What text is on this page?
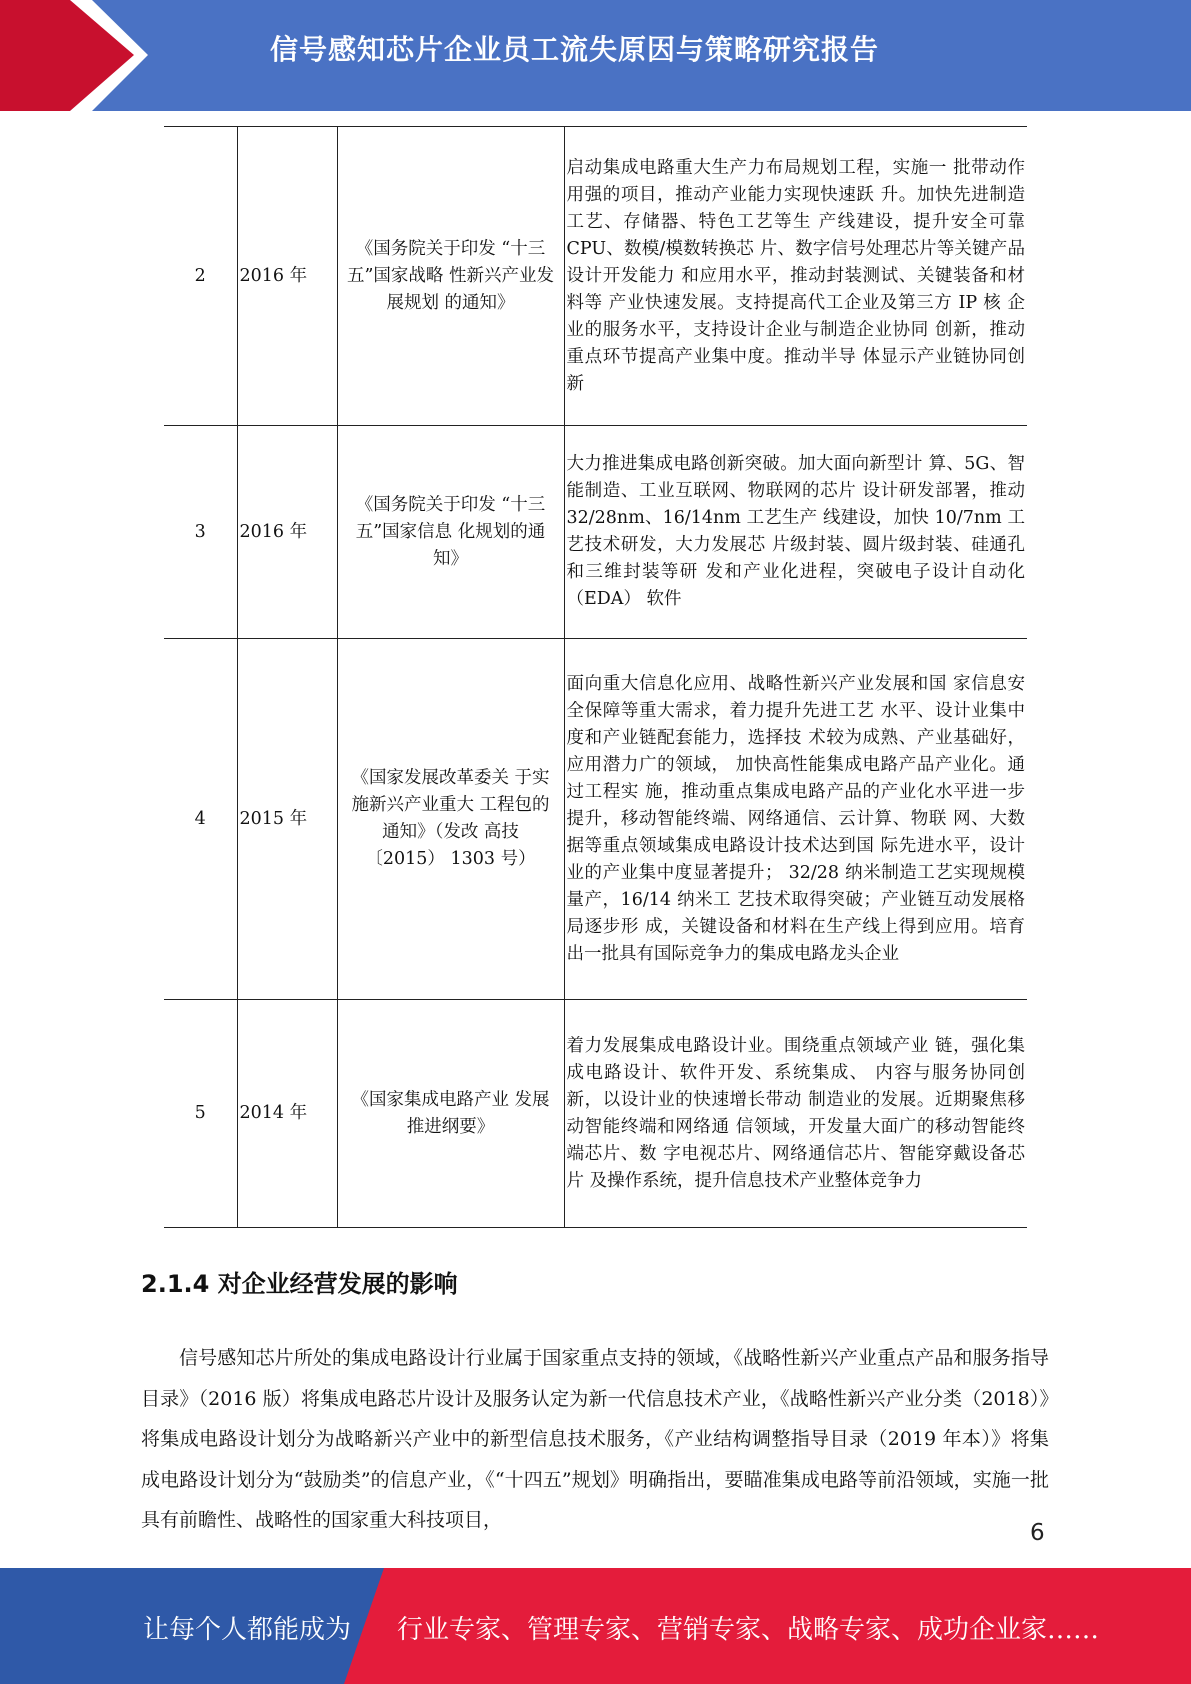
信号感知芯片企业员工流失原因与策略研究报告
2	2016 年	《国务院关于印发 “十三五”国家战略 性新兴产业发展规划 的通知》	启动集成电路重大生产力布局规划工程，实施一 批带动作用强的项目，推动产业能力实现快速跃 升。加快先进制造工艺、存储器、特色工艺等生 产线建设，提升安全可靠 CPU、数模/模数转换芯 片、数字信号处理芯片等关键产品设计开发能力 和应用水平，推动封装测试、关键装备和材料等 产业快速发展。支持提高代工企业及第三方 IP 核 企业的服务水平，支持设计企业与制造企业协同 创新，推动重点环节提高产业集中度。推动半导 体显示产业链协同创新
3	2016 年	《国务院关于印发 “十三五”国家信息 化规划的通知》	大力推进集成电路创新突破。加大面向新型计 算、5G、智能制造、工业互联网、物联网的芯片 设计研发部署，推动 32/28nm、16/14nm 工艺生产 线建设，加快 10/7nm 工艺技术研发，大力发展芯 片级封装、圆片级封装、硅通孔和三维封装等研 发和产业化进程，突破电子设计自动化（EDA） 软件
4	2015 年	《国家发展改革委关 于实施新兴产业重大 工程包的通知》（发改 高技〔2015） 1303 号）	面向重大信息化应用、战略性新兴产业发展和国 家信息安全保障等重大需求，着力提升先进工艺 水平、设计业集中度和产业链配套能力，选择技 术较为成熟、产业基础好，应用潜力广的领域， 加快高性能集成电路产品产业化。通过工程实 施，推动重点集成电路产品的产业化水平进一步提升，移动智能终端、网络通信、云计算、物联 网、大数据等重点领域集成电路设计技术达到国 际先进水平，设计业的产业集中度显著提升； 32/28 纳米制造工艺实现规模量产，16/14 纳米工 艺技术取得突破；产业链互动发展格局逐步形 成，关键设备和材料在生产线上得到应用。培育 出一批具有国际竞争力的集成电路龙头企业
5	2014 年	《国家集成电路产业 发展推进纲要》	着力发展集成电路设计业。围绕重点领域产业 链，强化集成电路设计、软件开发、系统集成、 内容与服务协同创新，以设计业的快速增长带动 制造业的发展。近期聚焦移动智能终端和网络通 信领域，开发量大面广的移动智能终端芯片、数 字电视芯片、网络通信芯片、智能穿戴设备芯片 及操作系统，提升信息技术产业整体竞争力
2.1.4 对企业经营发展的影响

信号感知芯片所处的集成电路设计行业属于国家重点支持的领域，《战略性新兴产业重点产品和服务指导目录》（2016 版）将集成电路芯片设计及服务认定为新一代信息技术产业，《战略性新兴产业分类（2018）》将集成电路设计划分为战略新兴产业中的新型信息技术服务，《产业结构调整指导目录（2019 年本）》将集成电路设计划分为“鼓励类”的信息产业，《“十四五”规划》明确指出，要瞄准集成电路等前沿领域，实施一批具有前瞻性、战略性的国家重大科技项目，	6
让每个人都能成为 行业专家、管理专家、营销专家、战略专家、成功企业家……
